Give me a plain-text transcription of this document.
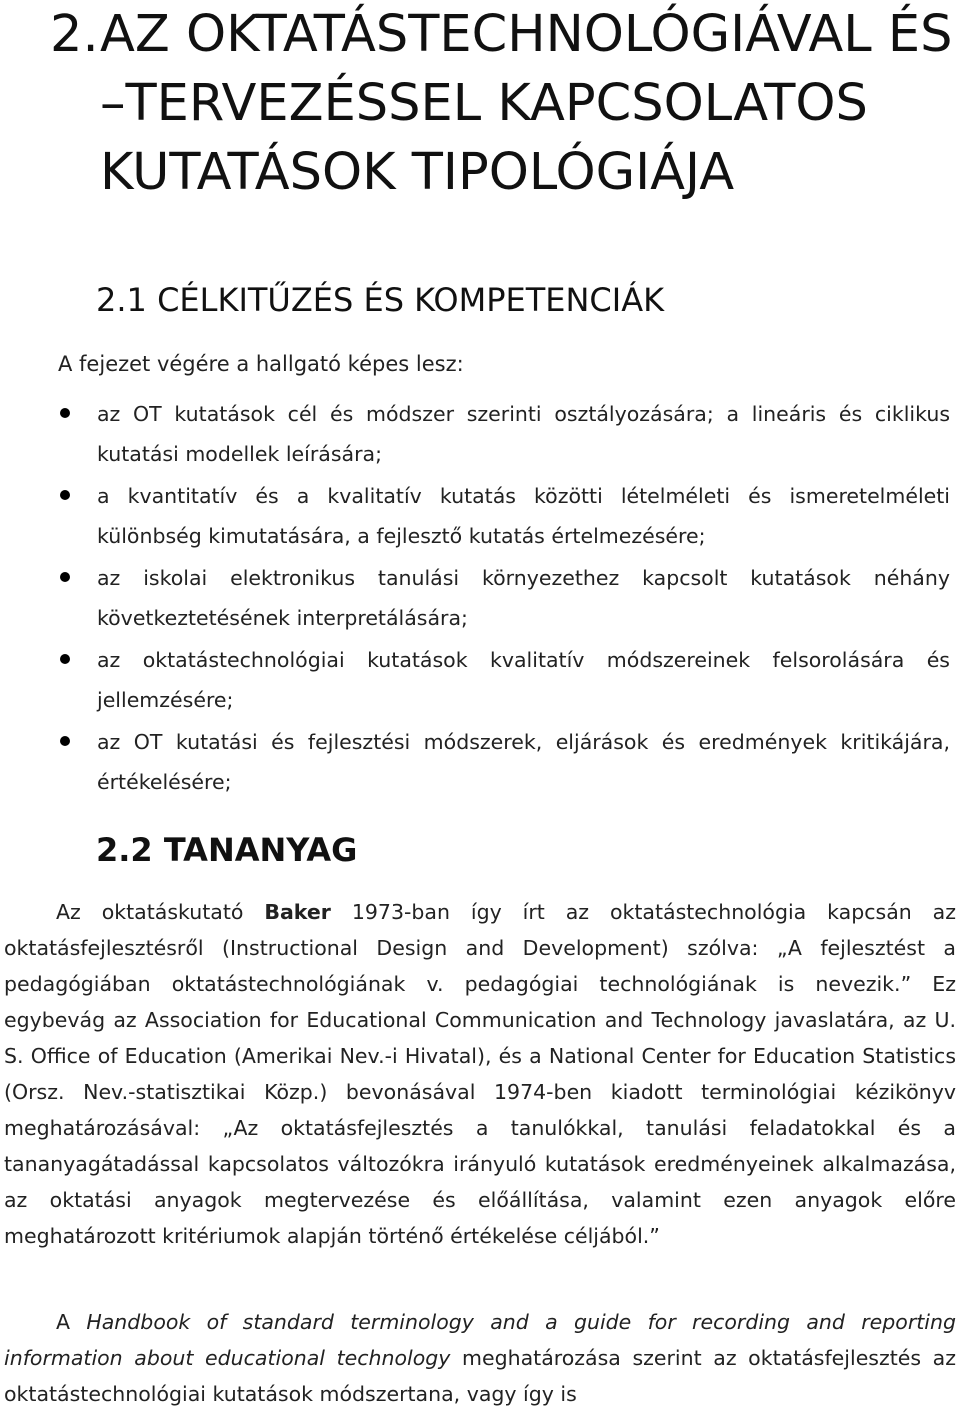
2.AZ OKTATÁSTECHNOLÓGIÁVAL ÉS
–TERVEZÉSSEL KAPCSOLATOS
KUTATÁSOK TIPOLÓGIÁJA
2.1 CÉLKITŰZÉS ÉS KOMPETENCIÁK

A fejezet végére a hallgató képes lesz:

az OT kutatások cél és módszer szerinti osztályozására; a lineáris és ciklikus kutatási modellek leírására;
a kvantitatív és a kvalitatív kutatás közötti lételméleti és ismeretelméleti különbség kimutatására, a fejlesztő kutatás értelmezésére;
az iskolai elektronikus tanulási környezethez kapcsolt kutatások néhány következtetésének interpretálására;
az oktatástechnológiai kutatások kvalitatív módszereinek felsorolására és jellemzésére;
az OT kutatási és fejlesztési módszerek, eljárások és eredmények kritikájára, értékelésére;
2.2 TANANYAG

Az oktatáskutató Baker 1973-ban így írt az oktatástechnológia kapcsán az oktatásfejlesztésről (Instructional Design and Development) szólva: „A fejlesztést a pedagógiában oktatástechnológiának v. pedagógiai technológiának is nevezik.” Ez egybevág az Association for Educational Communication and Technology javaslatára, az U. S. Office of Education (Amerikai Nev.-i Hivatal), és a National Center for Education Statistics (Orsz. Nev.-statisztikai Közp.) bevonásával 1974-ben kiadott terminológiai kézikönyv meghatározásával: „Az oktatásfejlesztés a tanulókkal, tanulási feladatokkal és a tananyagátadással kapcsolatos változókra irányuló kutatások eredményeinek alkalmazása, az oktatási anyagok megtervezése és előállítása, valamint ezen anyagok előre meghatározott kritériumok alapján történő értékelése céljából.”

A Handbook of standard terminology and a guide for recording and reporting information about educational technology meghatározása szerint az oktatásfejlesztés az oktatástechnológiai kutatások módszertana, vagy így is
